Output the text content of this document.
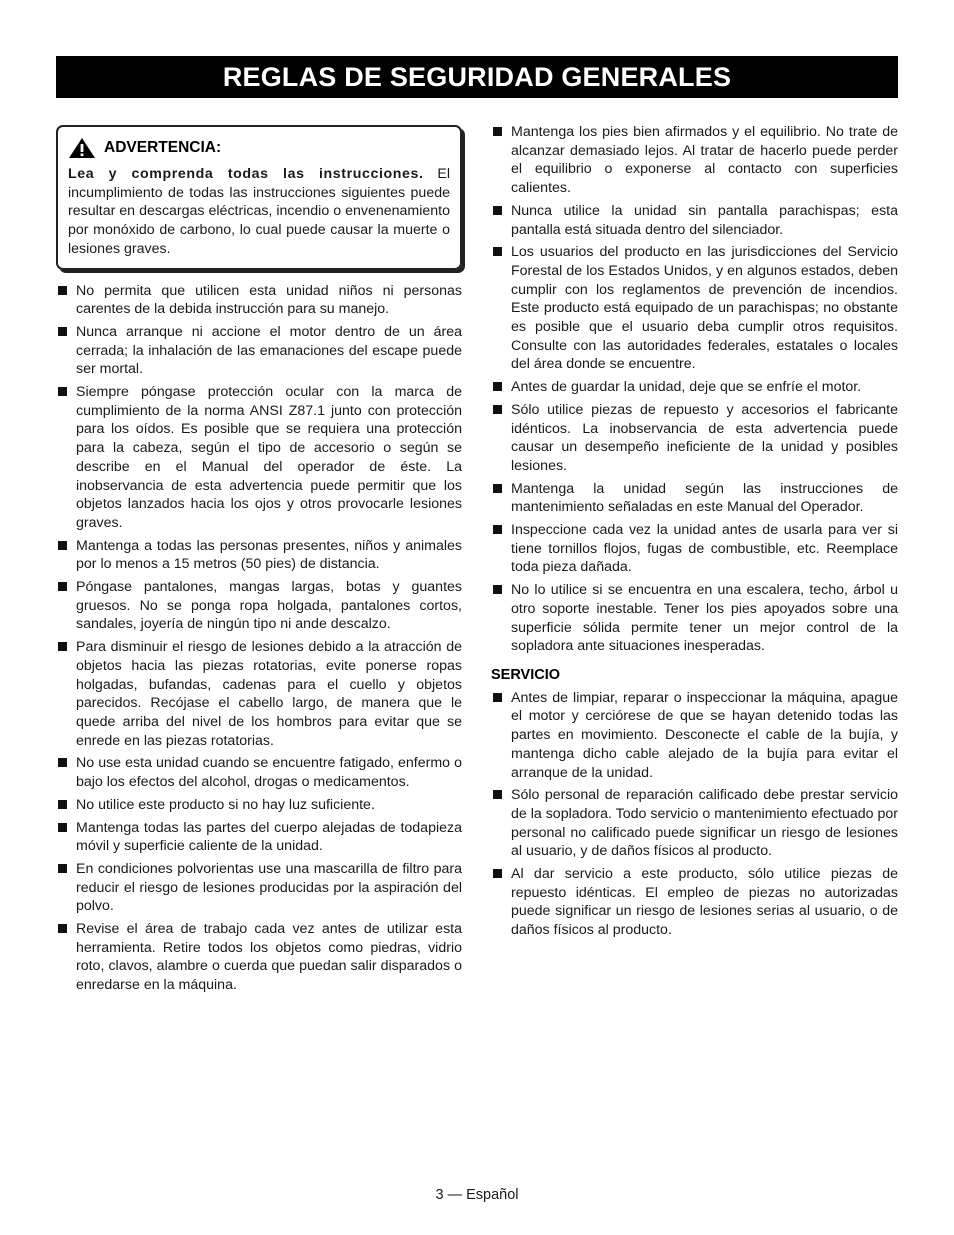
REGLAS DE SEGURIDAD GENERALES
ADVERTENCIA:

Lea y comprenda todas las instrucciones. El incumplimiento de todas las instrucciones siguientes puede resultar en descargas eléctricas, incendio o envenenamiento por monóxido de carbono, lo cual puede causar la muerte o lesiones graves.

No permita que utilicen esta unidad niños ni personas carentes de la debida instrucción para su manejo.
Nunca arranque ni accione el motor dentro de un área cerrada; la inhalación de las emanaciones del escape puede ser mortal.
Siempre póngase protección ocular con la marca de cumplimiento de la norma ANSI Z87.1 junto con protección para los oídos. Es posible que se requiera una protección para la cabeza, según el tipo de accesorio o según se describe en el Manual del operador de éste. La inobservancia de esta advertencia puede permitir que los objetos lanzados hacia los ojos y otros provocarle lesiones graves.
Mantenga a todas las personas presentes, niños y animales por lo menos a 15 metros (50 pies) de distancia.
Póngase pantalones, mangas largas, botas y guantes gruesos. No se ponga ropa holgada, pantalones cortos, sandales, joyería de ningún tipo ni ande descalzo.
Para disminuir el riesgo de lesiones debido a la atracción de objetos hacia las piezas rotatorias, evite ponerse ropas holgadas, bufandas, cadenas para el cuello y objetos parecidos. Recójase el cabello largo, de manera que le quede arriba del nivel de los hombros para evitar que se enrede en las piezas rotatorias.
No use esta unidad cuando se encuentre fatigado, enfermo o bajo los efectos del alcohol, drogas o medicamentos.
No utilice este producto si no hay luz suficiente.
Mantenga todas las partes del cuerpo alejadas de todapieza móvil y superficie caliente de la unidad.
En condiciones polvorientas use una mascarilla de filtro para reducir el riesgo de lesiones producidas por la aspiración del polvo.
Revise el área de trabajo cada vez antes de utilizar esta herramienta. Retire todos los objetos como piedras, vidrio roto, clavos, alambre o cuerda que puedan salir disparados o enredarse en la máquina.
Mantenga los pies bien afirmados y el equilibrio. No trate de alcanzar demasiado lejos. Al tratar de hacerlo puede perder el equilibrio o exponerse al contacto con superficies calientes.
Nunca utilice la unidad sin pantalla parachispas; esta pantalla está situada dentro del silenciador.
Los usuarios del producto en las jurisdicciones del Servicio Forestal de los Estados Unidos, y en algunos estados, deben cumplir con los reglamentos de prevención de incendios. Este producto está equipado de un parachispas; no obstante es posible que el usuario deba cumplir otros requisitos. Consulte con las autoridades federales, estatales o locales del área donde se encuentre.
Antes de guardar la unidad, deje que se enfríe el motor.
Sólo utilice piezas de repuesto y accesorios el fabricante idénticos. La inobservancia de esta advertencia puede causar un desempeño ineficiente de la unidad y posibles lesiones.
Mantenga la unidad según las instrucciones de mantenimiento señaladas en este Manual del Operador.
Inspeccione cada vez la unidad antes de usarla para ver si tiene tornillos flojos, fugas de combustible, etc. Reemplace toda pieza dañada.
No lo utilice si se encuentra en una escalera, techo, árbol u otro soporte inestable. Tener los pies apoyados sobre una superficie sólida permite tener un mejor control de la sopladora ante situaciones inesperadas.
SERVICIO
Antes de limpiar, reparar o inspeccionar la máquina, apague el motor y cerciórese de que se hayan detenido todas las partes en movimiento. Desconecte el cable de la bujía, y mantenga dicho cable alejado de la bujía para evitar el arranque de la unidad.
Sólo personal de reparación calificado debe prestar servicio de la sopladora. Todo servicio o mantenimiento efectuado por personal no calificado puede significar un riesgo de lesiones al usuario, y de daños físicos al producto.
Al dar servicio a este producto, sólo utilice piezas de repuesto idénticas. El empleo de piezas no autorizadas puede significar un riesgo de lesiones serias al usuario, o de daños físicos al producto.
3 — Español
